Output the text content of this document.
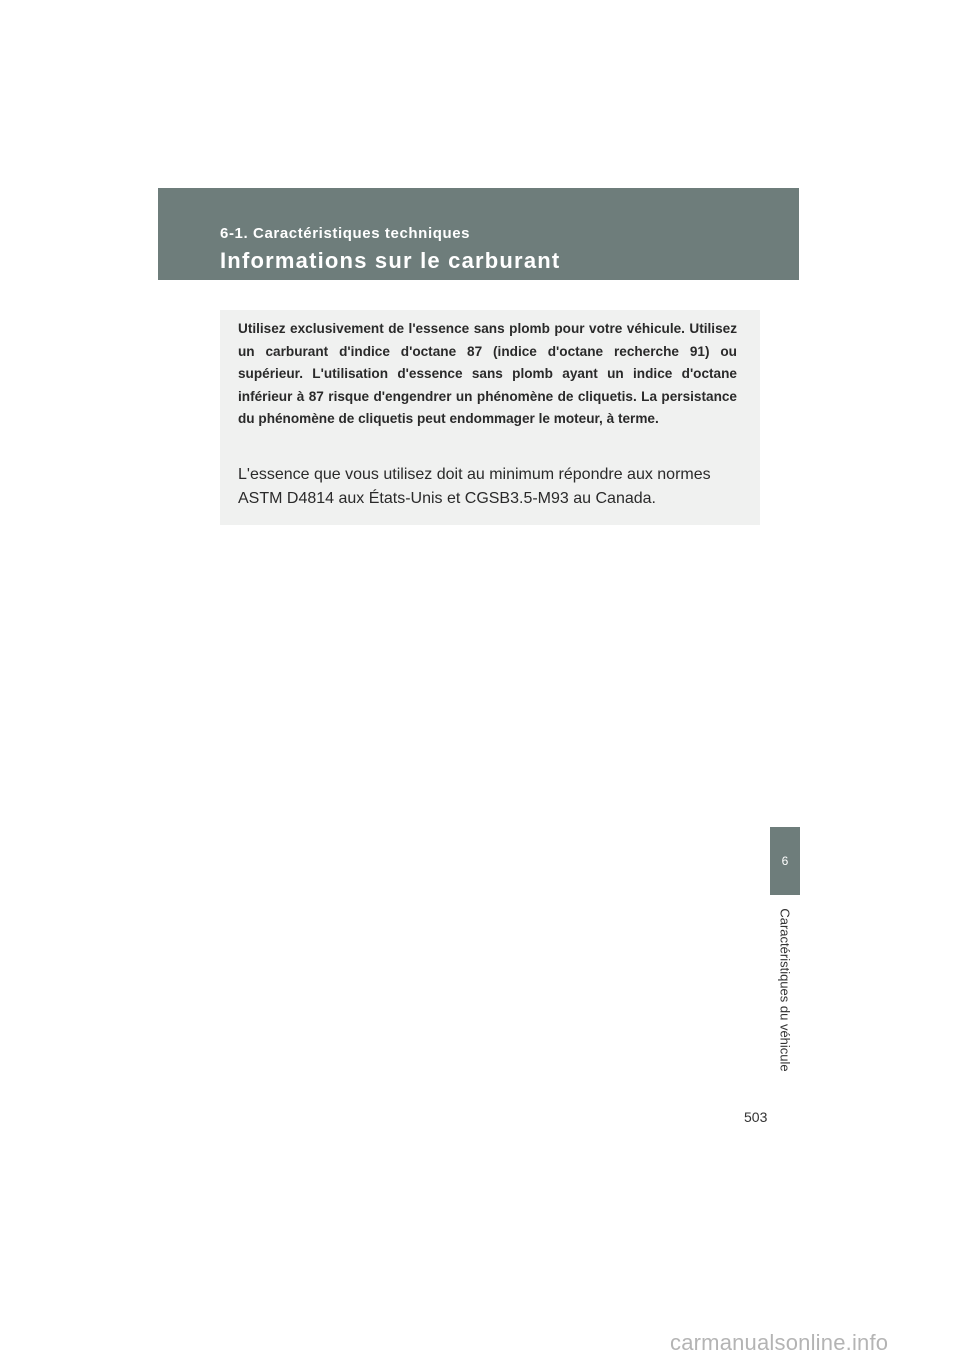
6-1. Caractéristiques techniques
Informations sur le carburant
Utilisez exclusivement de l'essence sans plomb pour votre véhicule. Utilisez un carburant d'indice d'octane 87 (indice d'octane recherche 91) ou supérieur. L'utilisation d'essence sans plomb ayant un indice d'octane inférieur à 87 risque d'engendrer un phénomène de cliquetis. La persistance du phénomène de cliquetis peut endommager le moteur, à terme.
L'essence que vous utilisez doit au minimum répondre aux normes ASTM D4814 aux États-Unis et CGSB3.5-M93 au Canada.
6
Caractéristiques du véhicule
503
carmanualsonline.info
